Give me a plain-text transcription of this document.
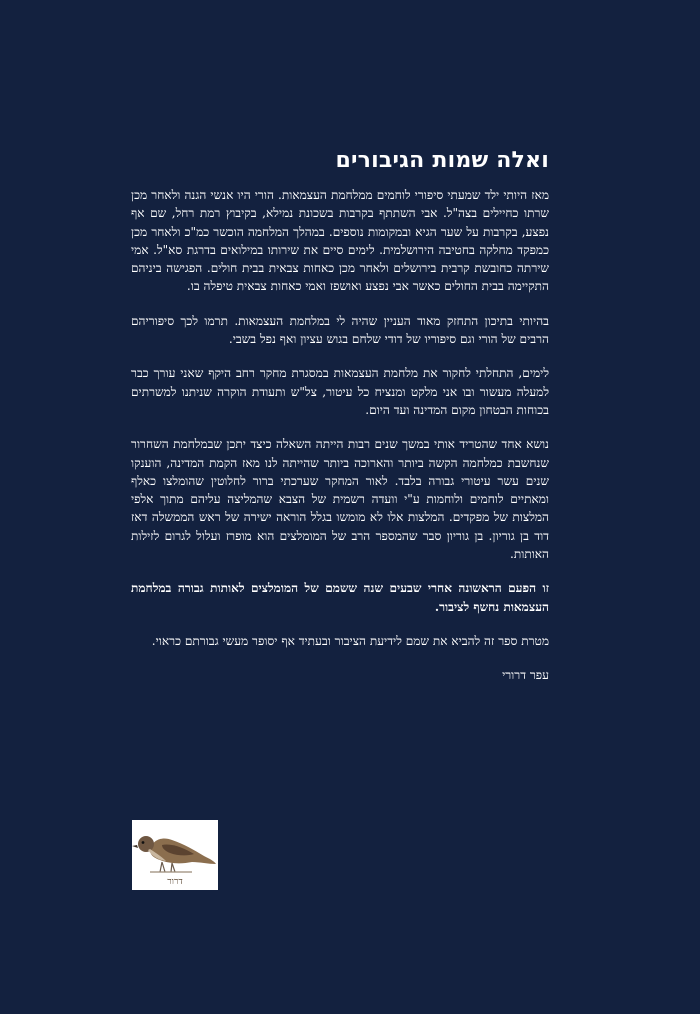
ואלה שמות הגיבורים

מאז היותי ילד שמעתי סיפורי לוחמים ממלחמת העצמאות. הורי היו אנשי הגנה ולאחר מכן שרתו כחיילים בצה"ל. אבי השתתף בקרבות בשכונת נמילא, בקיבוץ רמת רחל, שם אף נפצע, בקרבות על שער הגיא ובמקומות נוספים. במהלך המלחמה הוכשר כמ"כ ולאחר מכן כמפקד מחלקה בחטיבה הירושלמית. לימים סיים את שירותו במילואים בדרגת סא"ל. אמי שירתה כחובשת קרבית בירושלים ולאחר מכן כאחות צבאית בבית חולים. הפגישה ביניהם התקיימה בבית החולים כאשר אבי נפצע ואושפז ואמי כאחות צבאית טיפלה בו.

בהיותי בתיכון התחזק מאוד העניין שהיה לי במלחמת העצמאות. תרמו לכך סיפוריהם הרבים של הורי וגם סיפוריו של דודי שלחם בגוש עציון ואף נפל בשבי.

לימים, התחלתי לחקור את מלחמת העצמאות במסגרת מחקר רחב היקף שאני עורך כבר למעלה מעשור ובו אני מלקט ומנציח כל עיטור, צל"ש ותעודת הוקרה שניתנו למשרתים בכוחות הבטחון מקום המדינה ועד היום.

נושא אחד שהטריד אותי במשך שנים רבות הייתה השאלה כיצד יתכן שבמלחמת השחרור שנחשבת כמלחמה הקשה ביותר והארוכה ביותר שהייתה לנו מאז הקמת המדינה, הוענקו שנים עשר עיטורי גבורה בלבד. לאור המחקר שערכתי ברור לחלוטין שהומלצו כאלף ומאתיים לוחמים ולוחמות ע"י וועדה רשמית של הצבא שהמליצה עליהם מתוך אלפי המלצות של מפקדים. המלצות אלו לא מומשו בגלל הוראה ישירה של ראש הממשלה דאז דוד בן גוריון. בן גוריון סבר שהמספר הרב של המומלצים הוא מופרז ועלול לגרום לזילות האותות.

זו הפעם הראשונה אחרי שבעים שנה ששמם של המומלצים לאותות גבורה במלחמת העצמאות נחשף לציבור.

מטרת ספר זה להביא את שמם לידיעת הציבור ובעתיד אף יסופר מעשי גבורתם כראוי.

עפר דרורי

דרור
